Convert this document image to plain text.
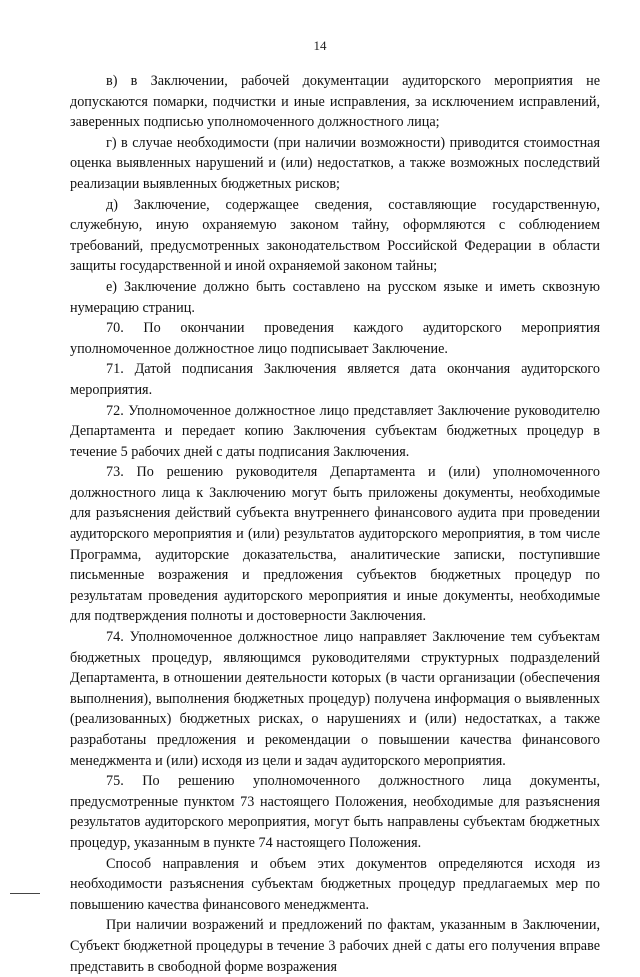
14

в) в Заключении, рабочей документации аудиторского мероприятия не допускаются помарки, подчистки и иные исправления, за исключением исправлений, заверенных подписью уполномоченного должностного лица;

г) в случае необходимости (при наличии возможности) приводится стоимостная оценка выявленных нарушений и (или) недостатков, а также возможных последствий реализации выявленных бюджетных рисков;

д) Заключение, содержащее сведения, составляющие государственную, служебную, иную охраняемую законом тайну, оформляются с соблюдением требований, предусмотренных законодательством Российской Федерации в области защиты государственной и иной охраняемой законом тайны;

е) Заключение должно быть составлено на русском языке и иметь сквозную нумерацию страниц.

70. По окончании проведения каждого аудиторского мероприятия уполномоченное должностное лицо подписывает Заключение.

71. Датой подписания Заключения является дата окончания аудиторского мероприятия.

72. Уполномоченное должностное лицо представляет Заключение руководителю Департамента и передает копию Заключения субъектам бюджетных процедур в течение 5 рабочих дней с даты подписания Заключения.

73. По решению руководителя Департамента и (или) уполномоченного должностного лица к Заключению могут быть приложены документы, необходимые для разъяснения действий субъекта внутреннего финансового аудита при проведении аудиторского мероприятия и (или) результатов аудиторского мероприятия, в том числе Программа, аудиторские доказательства, аналитические записки, поступившие письменные возражения и предложения субъектов бюджетных процедур по результатам проведения аудиторского мероприятия и иные документы, необходимые для подтверждения полноты и достоверности Заключения.

74. Уполномоченное должностное лицо направляет Заключение тем субъектам бюджетных процедур, являющимся руководителями структурных подразделений Департамента, в отношении деятельности которых (в части организации (обеспечения выполнения), выполнения бюджетных процедур) получена информация о выявленных (реализованных) бюджетных рисках, о нарушениях и (или) недостатках, а также разработаны предложения и рекомендации о повышении качества финансового менеджмента и (или) исходя из цели и задач аудиторского мероприятия.

75. По решению уполномоченного должностного лица документы, предусмотренные пунктом 73 настоящего Положения, необходимые для разъяснения результатов аудиторского мероприятия, могут быть направлены субъектам бюджетных процедур, указанным в пункте 74 настоящего Положения.

Способ направления и объем этих документов определяются исходя из необходимости разъяснения субъектам бюджетных процедур предлагаемых мер по повышению качества финансового менеджмента.

При наличии возражений и предложений по фактам, указанным в Заключении, Субъект бюджетной процедуры в течение 3 рабочих дней с даты его получения вправе представить в свободной форме возражения
